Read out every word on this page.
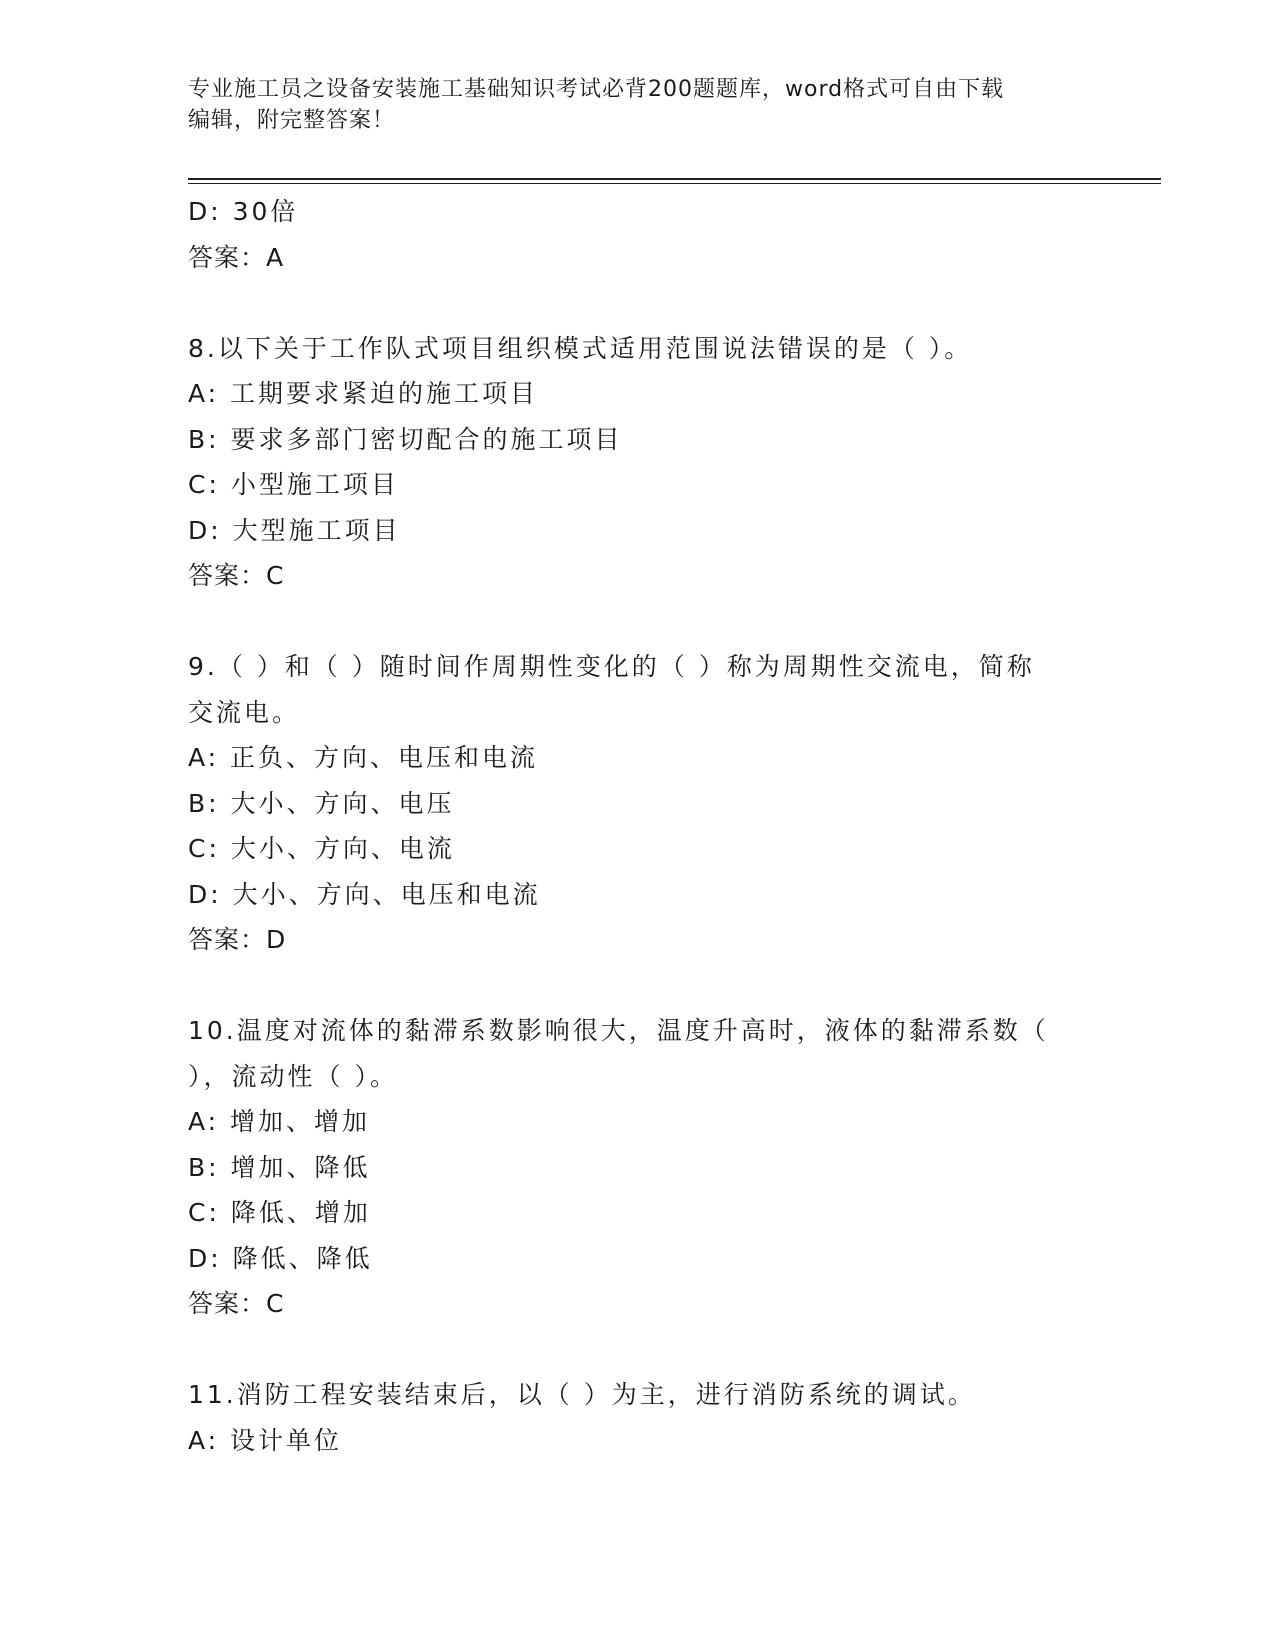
专业施工员之设备安装施工基础知识考试必背200题题库，word格式可自由下载
编辑，附完整答案！
D: 30倍
答案：A
8.以下关于工作队式项目组织模式适用范围说法错误的是（ ）。
A: 工期要求紧迫的施工项目
B: 要求多部门密切配合的施工项目
C: 小型施工项目
D: 大型施工项目
答案：C
9.（ ）和（ ）随时间作周期性变化的（ ）称为周期性交流电，简称
交流电。
A: 正负、方向、电压和电流
B: 大小、方向、电压
C: 大小、方向、电流
D: 大小、方向、电压和电流
答案：D
10.温度对流体的黏滞系数影响很大，温度升高时，液体的黏滞系数（
），流动性（ ）。
A: 增加、增加
B: 增加、降低
C: 降低、增加
D: 降低、降低
答案：C
11.消防工程安装结束后，以（ ）为主，进行消防系统的调试。
A: 设计单位
